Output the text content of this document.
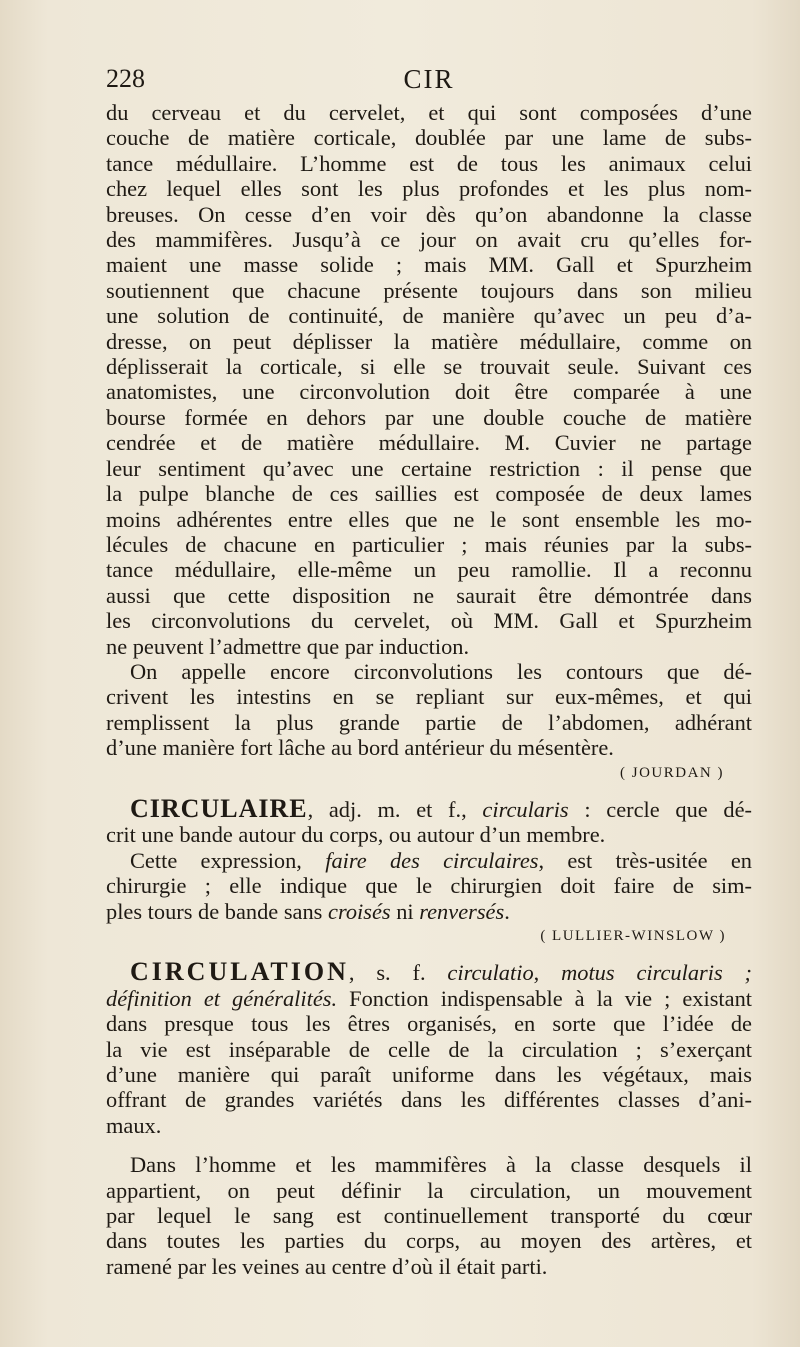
228	CIR
du cerveau et du cervelet, et qui sont composées d’une
couche de matière corticale, doublée par une lame de subs-
tance médullaire. L’homme est de tous les animaux celui
chez lequel elles sont les plus profondes et les plus nom-
breuses. On cesse d’en voir dès qu’on abandonne la classe
des mammifères. Jusqu’à ce jour on avait cru qu’elles for-
maient une masse solide ; mais MM. Gall et Spurzheim
soutiennent que chacune présente toujours dans son milieu
une solution de continuité, de manière qu’avec un peu d’a-
dresse, on peut déplisser la matière médullaire, comme on
déplisserait la corticale, si elle se trouvait seule. Suivant ces
anatomistes, une circonvolution doit être comparée à une
bourse formée en dehors par une double couche de matière
cendrée et de matière médullaire. M. Cuvier ne partage
leur sentiment qu’avec une certaine restriction : il pense que
la pulpe blanche de ces saillies est composée de deux lames
moins adhérentes entre elles que ne le sont ensemble les mo-
lécules de chacune en particulier ; mais réunies par la subs-
tance médullaire, elle-même un peu ramollie. Il a reconnu
aussi que cette disposition ne saurait être démontrée dans
les circonvolutions du cervelet, où MM. Gall et Spurzheim
ne peuvent l’admettre que par induction.
On appelle encore circonvolutions les contours que dé-
crivent les intestins en se repliant sur eux-mêmes, et qui
remplissent la plus grande partie de l’abdomen, adhérant
d’une manière fort lâche au bord antérieur du mésentère.
( JOURDAN )
CIRCULAIRE, adj. m. et f., circularis : cercle que dé-
crit une bande autour du corps, ou autour d’un membre.
Cette expression, faire des circulaires, est très-usitée en
chirurgie ; elle indique que le chirurgien doit faire de sim-
ples tours de bande sans croisés ni renversés.
( LULLIER-WINSLOW )
CIRCULATION, s. f. circulatio, motus circularis ;
définition et généralités. Fonction indispensable à la vie ; existant
dans presque tous les êtres organisés, en sorte que l’idée de
la vie est inséparable de celle de la circulation ; s’exerçant
d’une manière qui paraît uniforme dans les végétaux, mais
offrant de grandes variétés dans les différentes classes d’ani-
maux.
Dans l’homme et les mammifères à la classe desquels il
appartient, on peut définir la circulation, un mouvement
par lequel le sang est continuellement transporté du cœur
dans toutes les parties du corps, au moyen des artères, et
ramené par les veines au centre d’où il était parti.
